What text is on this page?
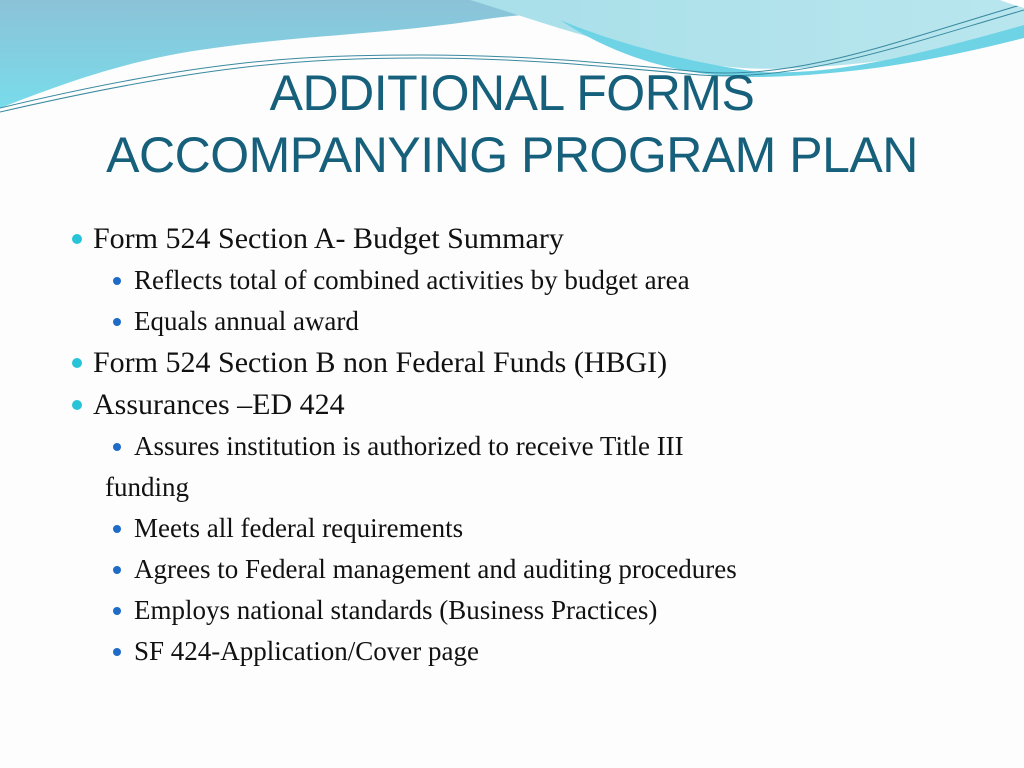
ADDITIONAL FORMS
ACCOMPANYING PROGRAM PLAN
Form 524 Section A- Budget Summary
Reflects total of combined activities by budget area
Equals annual award
Form 524 Section B non Federal Funds (HBGI)
Assurances –ED 424
Assures institution is authorized to receive Title III
funding
Meets all federal requirements
Agrees to Federal management and auditing procedures
Employs national standards (Business Practices)
SF 424-Application/Cover page
